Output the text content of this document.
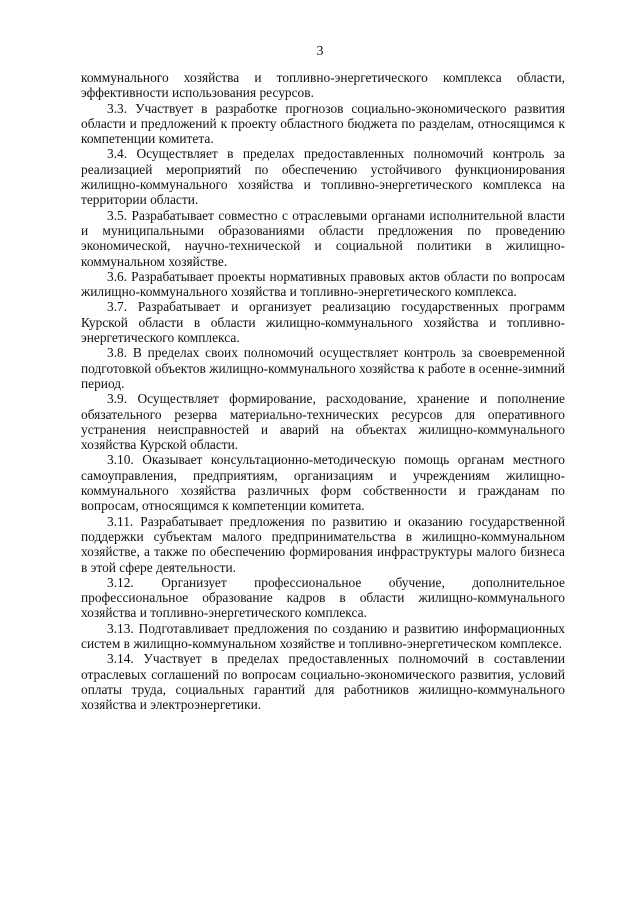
3

коммунального хозяйства и топливно-энергетического комплекса области, эффективности использования ресурсов.

3.3. Участвует в разработке прогнозов социально-экономического развития области и предложений к проекту областного бюджета по разделам, относящимся к компетенции комитета.

3.4. Осуществляет в пределах предоставленных полномочий контроль за реализацией мероприятий по обеспечению устойчивого функционирования жилищно-коммунального хозяйства и топливно-энергетического комплекса на территории области.

3.5. Разрабатывает совместно с отраслевыми органами исполнительной власти и муниципальными образованиями области предложения по проведению экономической, научно-технической и социальной политики в жилищно-коммунальном хозяйстве.

3.6. Разрабатывает проекты нормативных правовых актов области по вопросам жилищно-коммунального хозяйства и топливно-энергетического комплекса.

3.7. Разрабатывает и организует реализацию государственных программ Курской области в области жилищно-коммунального хозяйства и топливно-энергетического комплекса.

3.8. В пределах своих полномочий осуществляет контроль за своевременной подготовкой объектов жилищно-коммунального хозяйства к работе в осенне-зимний период.

3.9. Осуществляет формирование, расходование, хранение и пополнение обязательного резерва материально-технических ресурсов для оперативного устранения неисправностей и аварий на объектах жилищно-коммунального хозяйства Курской области.

3.10. Оказывает консультационно-методическую помощь органам местного самоуправления, предприятиям, организациям и учреждениям жилищно-коммунального хозяйства различных форм собственности и гражданам по вопросам, относящимся к компетенции комитета.

3.11. Разрабатывает предложения по развитию и оказанию государственной поддержки субъектам малого предпринимательства в жилищно-коммунальном хозяйстве, а также по обеспечению формирования инфраструктуры малого бизнеса в этой сфере деятельности.

3.12. Организует профессиональное обучение, дополнительное профессиональное образование кадров в области жилищно-коммунального хозяйства и топливно-энергетического комплекса.

3.13. Подготавливает предложения по созданию и развитию информационных систем в жилищно-коммунальном хозяйстве и топливно-энергетическом комплексе.

3.14. Участвует в пределах предоставленных полномочий в составлении отраслевых соглашений по вопросам социально-экономического развития, условий оплаты труда, социальных гарантий для работников жилищно-коммунального хозяйства и электроэнергетики.
